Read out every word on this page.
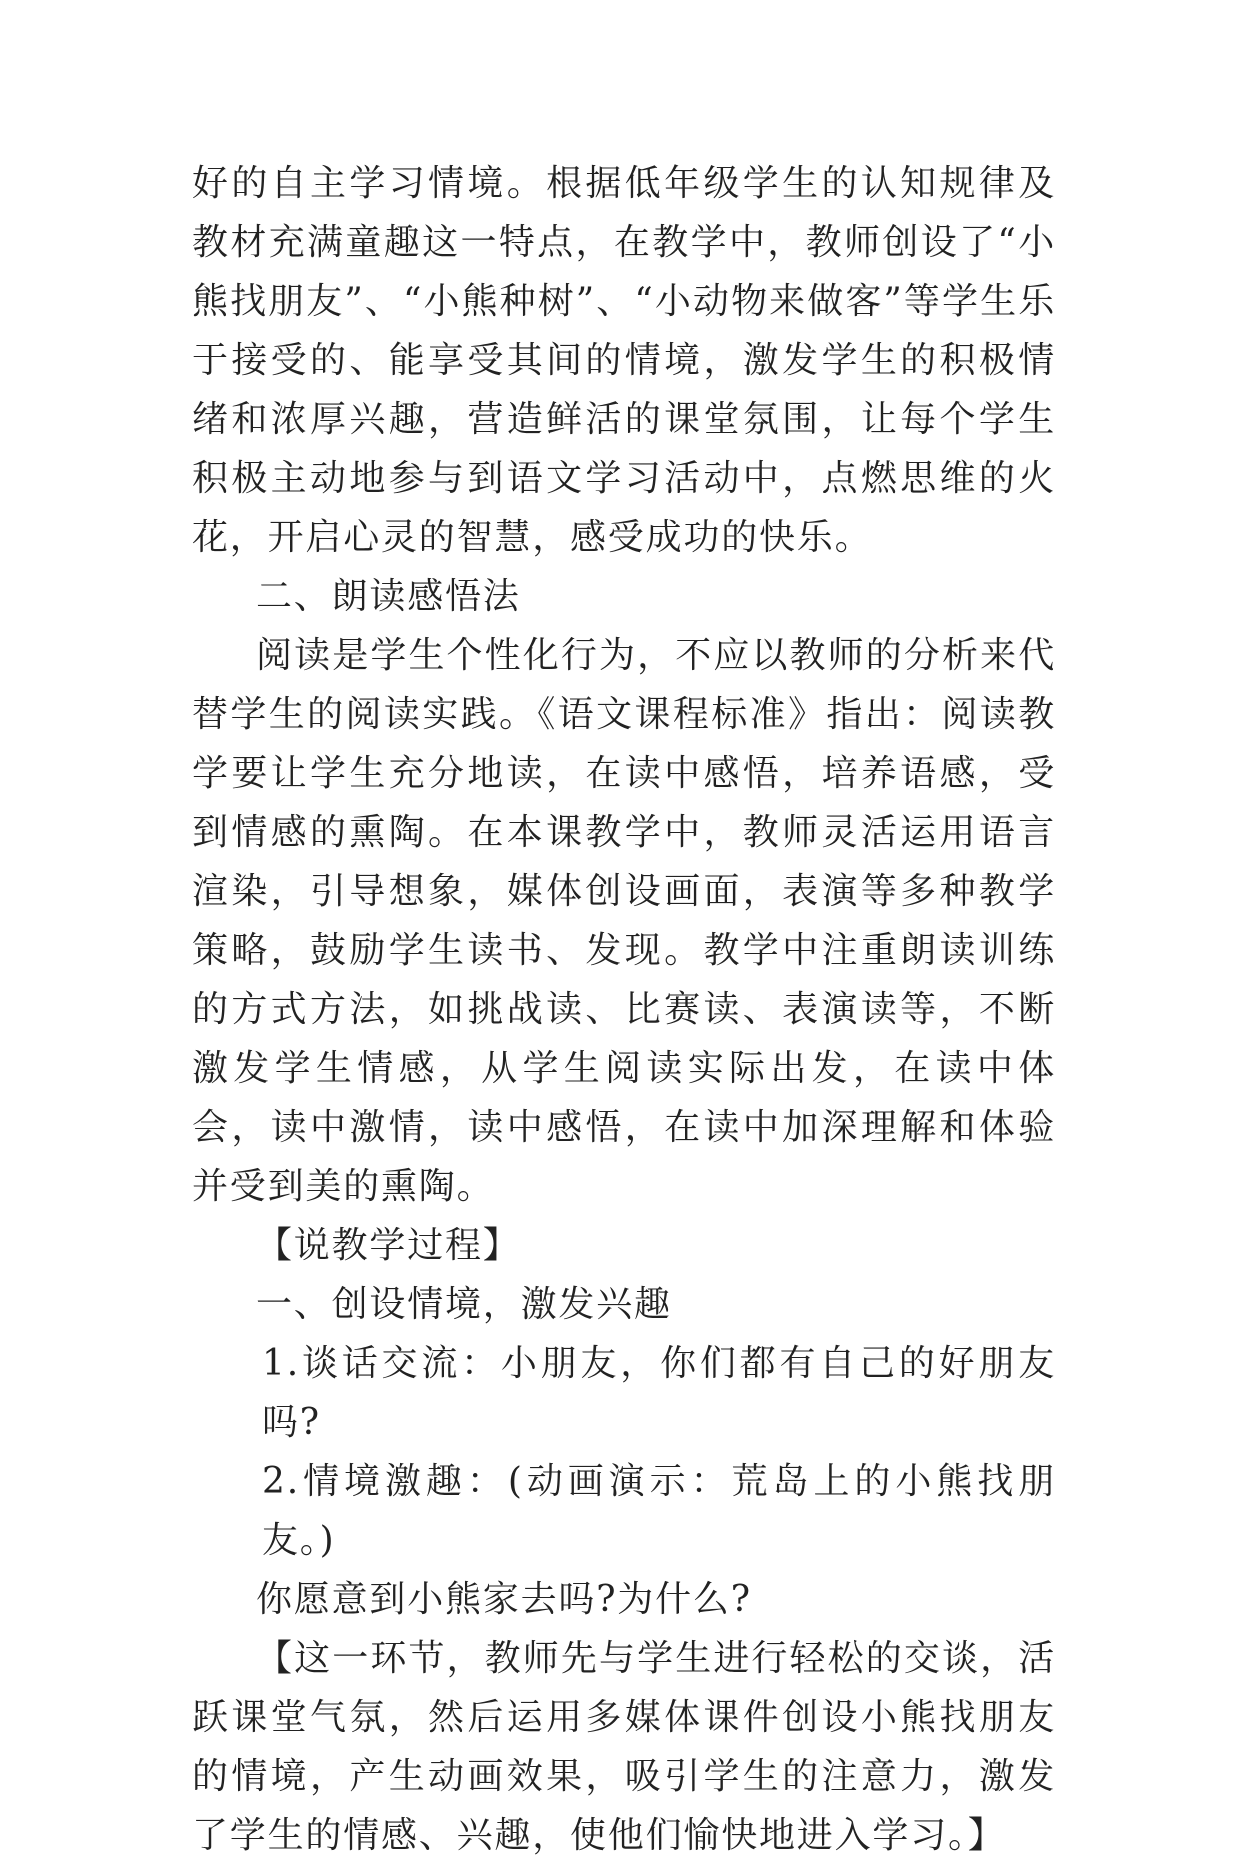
好的自主学习情境。根据低年级学生的认知规律及教材充满童趣这一特点，在教学中，教师创设了“小熊找朋友”、“小熊种树”、“小动物来做客”等学生乐于接受的、能享受其间的情境，激发学生的积极情绪和浓厚兴趣，营造鲜活的课堂氛围，让每个学生积极主动地参与到语文学习活动中，点燃思维的火花，开启心灵的智慧，感受成功的快乐。

二、朗读感悟法

阅读是学生个性化行为，不应以教师的分析来代替学生的阅读实践。《语文课程标准》指出：阅读教学要让学生充分地读，在读中感悟，培养语感，受到情感的熏陶。在本课教学中，教师灵活运用语言渲染，引导想象，媒体创设画面，表演等多种教学策略，鼓励学生读书、发现。教学中注重朗读训练的方式方法，如挑战读、比赛读、表演读等，不断激发学生情感，从学生阅读实际出发，在读中体会，读中激情，读中感悟，在读中加深理解和体验并受到美的熏陶。

【说教学过程】

一、创设情境，激发兴趣

1.谈话交流：小朋友，你们都有自己的好朋友吗?

2.情境激趣：(动画演示：荒岛上的小熊找朋友。)

你愿意到小熊家去吗?为什么?

【这一环节，教师先与学生进行轻松的交谈，活跃课堂气氛，然后运用多媒体课件创设小熊找朋友的情境，产生动画效果，吸引学生的注意力，激发了学生的情感、兴趣，使他们愉快地进入学习。】
